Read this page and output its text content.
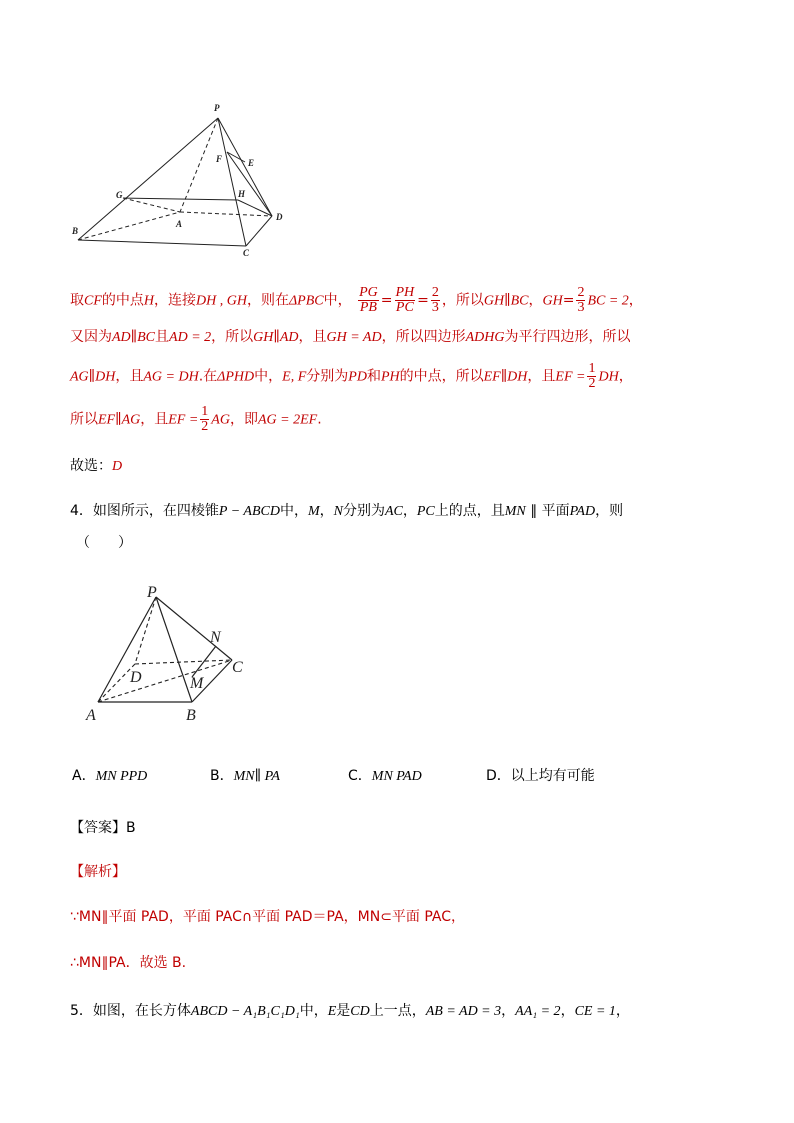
P
F	E
G	H
A
B
C
D
取CF的中点H，连接DH , GH，则在ΔPBC中， $\frac{PG}{PB} = \frac{PH}{PC} = \frac{2}{3}$ ，所以GH∥BC，$GH= \frac{2}{3}$ BC = 2，
又因为AD∥BC且AD = 2，所以GH∥AD，且GH = AD，所以四边形ADHG为平行四边形，所以
AG∥DH，且AG = DH.在ΔPHD中，E, F分别为PD和PH的中点，所以EF∥DH，且EF = $\frac{1}{2}$ DH，
所以EF∥AG，且EF = $\frac{1}{2}$ AG，即AG = 2EF.
故选：D
4．如图所示，在四棱锥P − ABCD中，M，N分别为AC，PC上的点，且MN ∥ 平面PAD，则
（　　）
P
N
D
C
M
A	B
A．MN PPD	B．MN∥ PA	C．MN PAD	D．以上均有可能
【答案】B
【解析】
∵MN∥平面 PAD，平面 PAC∩平面 PAD＝PA，MN⊂平面 PAC，
∴MN∥PA．故选 B.
5．如图，在长方体ABCD − A₁B₁C₁D₁中，E是CD上一点，AB = AD = 3，AA₁ = 2，CE = 1，
